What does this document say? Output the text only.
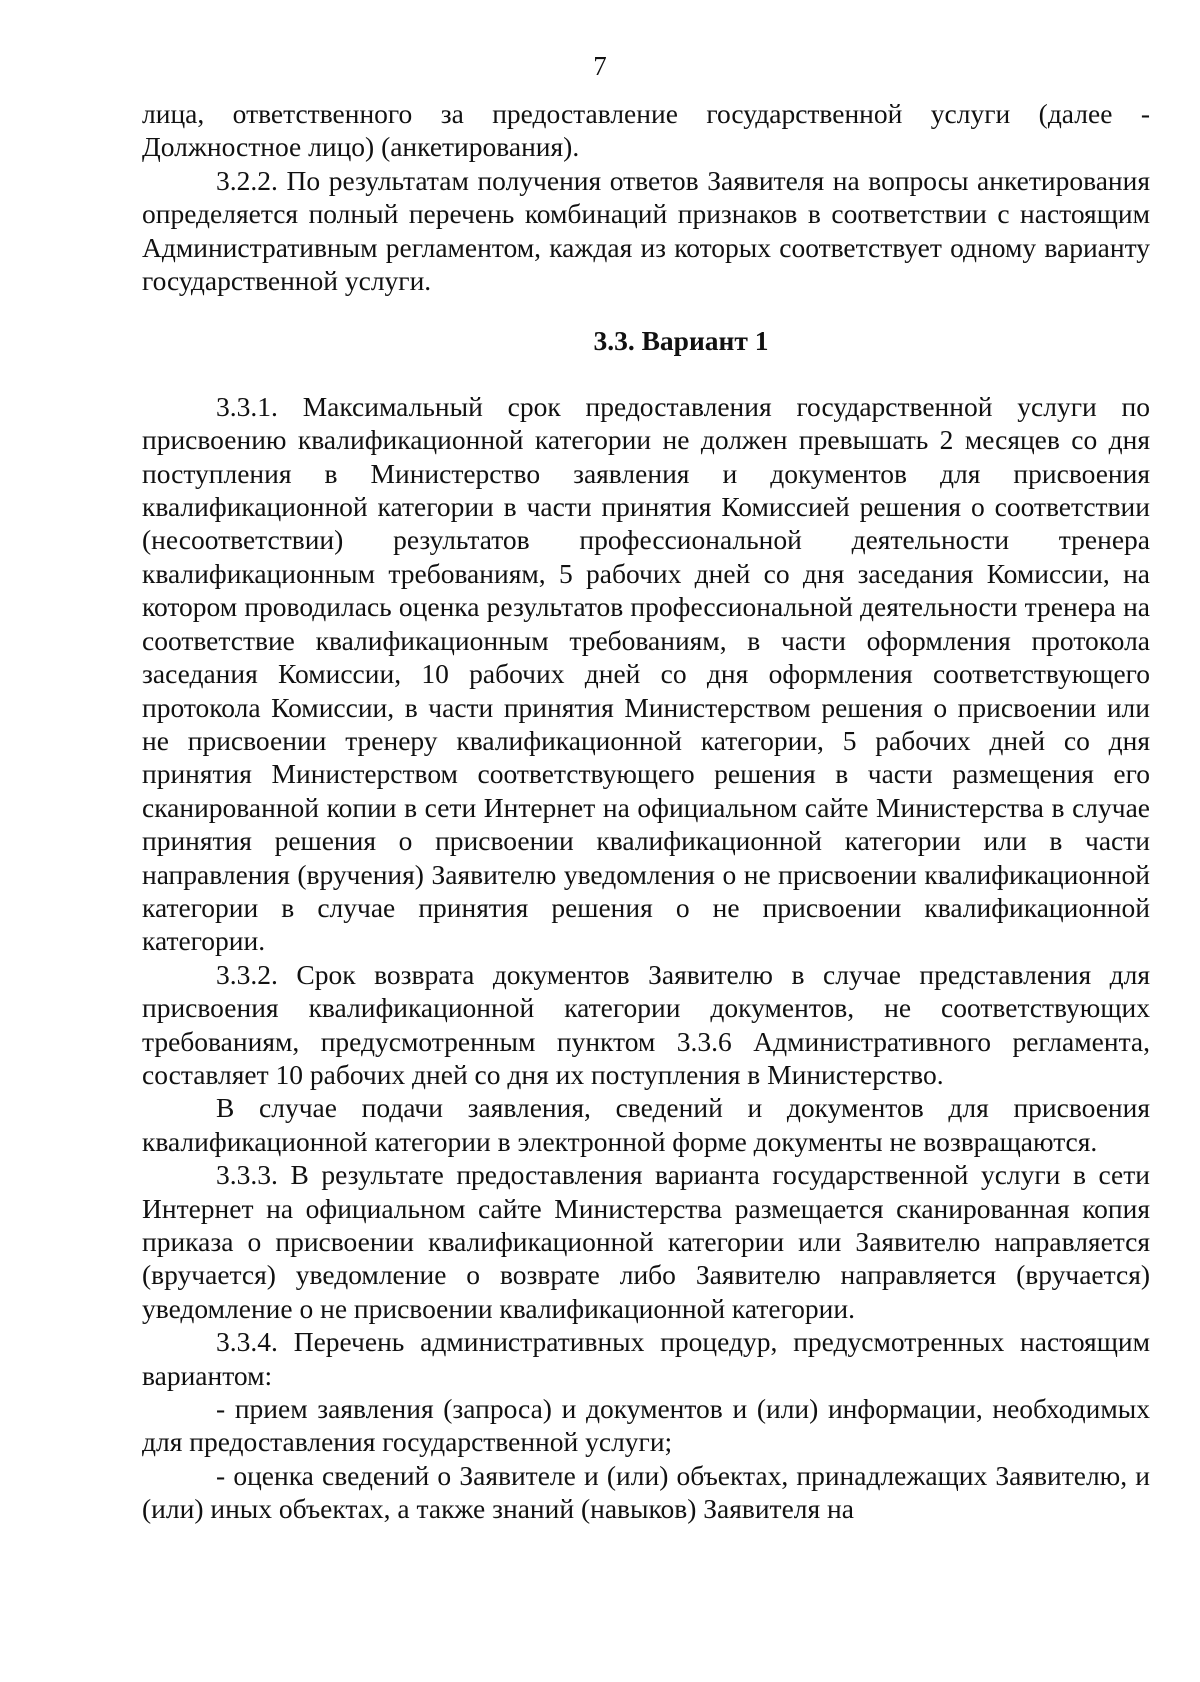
7

лица, ответственного за предоставление государственной услуги (далее - Должностное лицо) (анкетирования).

3.2.2. По результатам получения ответов Заявителя на вопросы анкетирования определяется полный перечень комбинаций признаков в соответствии с настоящим Административным регламентом, каждая из которых соответствует одному варианту государственной услуги.

3.3. Вариант 1

3.3.1. Максимальный срок предоставления государственной услуги по присвоению квалификационной категории не должен превышать 2 месяцев со дня поступления в Министерство заявления и документов для присвоения квалификационной категории в части принятия Комиссией решения о соответствии (несоответствии) результатов профессиональной деятельности тренера квалификационным требованиям, 5 рабочих дней со дня заседания Комиссии, на котором проводилась оценка результатов профессиональной деятельности тренера на соответствие квалификационным требованиям, в части оформления протокола заседания Комиссии, 10 рабочих дней со дня оформления соответствующего протокола Комиссии, в части принятия Министерством решения о присвоении или не присвоении тренеру квалификационной категории, 5 рабочих дней со дня принятия Министерством соответствующего решения в части размещения его сканированной копии в сети Интернет на официальном сайте Министерства в случае принятия решения о присвоении квалификационной категории или в части направления (вручения) Заявителю уведомления о не присвоении квалификационной категории в случае принятия решения о не присвоении квалификационной категории.

3.3.2. Срок возврата документов Заявителю в случае представления для присвоения квалификационной категории документов, не соответствующих требованиям, предусмотренным пунктом 3.3.6 Административного регламента, составляет 10 рабочих дней со дня их поступления в Министерство.

В случае подачи заявления, сведений и документов для присвоения квалификационной категории в электронной форме документы не возвращаются.

3.3.3. В результате предоставления варианта государственной услуги в сети Интернет на официальном сайте Министерства размещается сканированная копия приказа о присвоении квалификационной категории или Заявителю направляется (вручается) уведомление о возврате либо Заявителю направляется (вручается) уведомление о не присвоении квалификационной категории.

3.3.4. Перечень административных процедур, предусмотренных настоящим вариантом:

- прием заявления (запроса) и документов и (или) информации, необходимых для предоставления государственной услуги;

- оценка сведений о Заявителе и (или) объектах, принадлежащих Заявителю, и (или) иных объектах, а также знаний (навыков) Заявителя на
